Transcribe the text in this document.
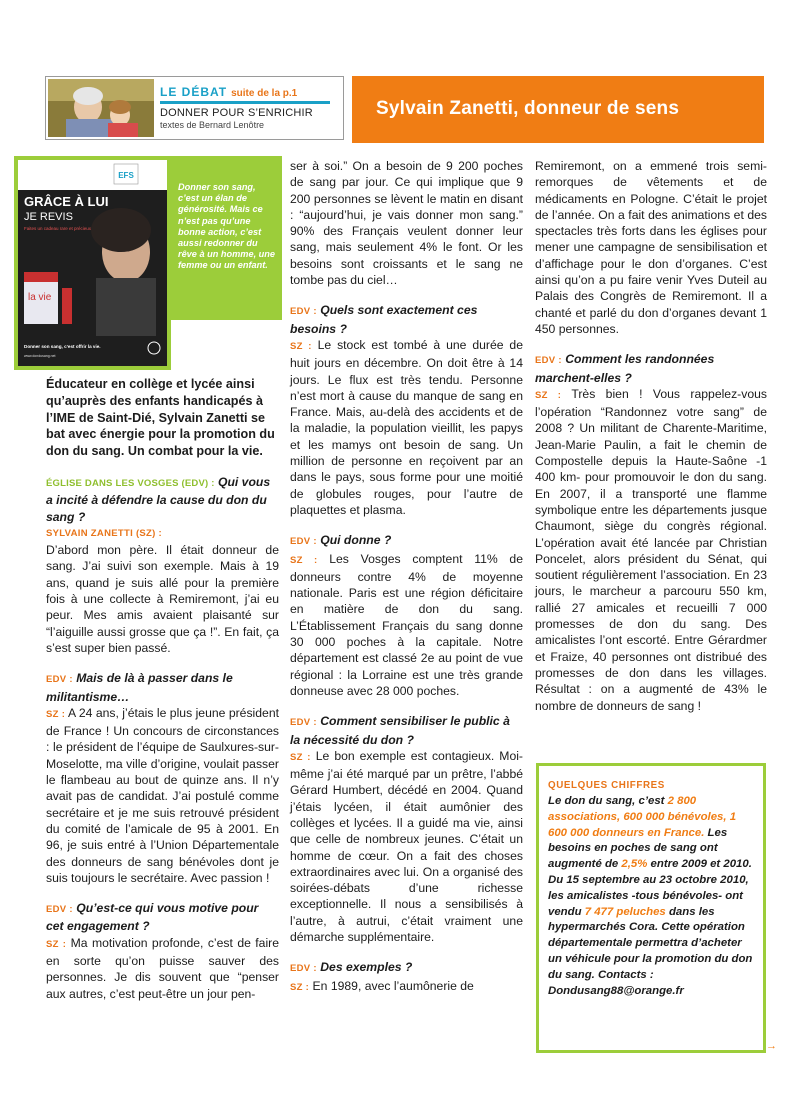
LE DÉBAT suite de la p.1
DONNER POUR S’ENRICHIR
textes de Bernard Lenôtre
Sylvain Zanetti, donneur de sens
EFS
GRÂCE À LUI
JE REVIS
Faites un cadeau rare et précieux
la vie
Donner son sang, c’est offrir la vie.
www.dondusang.net

Donner son sang, c’est un élan de générosité. Mais ce n’est pas qu’une bonne action, c’est aussi redonner du rêve à un homme, une femme ou un enfant.

Éducateur en collège et lycée ainsi qu’auprès des enfants handicapés à l’IME de Saint-Dié, Sylvain Zanetti se bat avec énergie pour la promotion du don du sang. Un combat pour la vie.

ÉGLISE DANS LES VOSGES (EDV) : Qui vous a incité à défendre la cause du don du sang ?

SYLVAIN ZANETTI (SZ) :

D’abord mon père. Il était donneur de sang. J’ai suivi son exemple. Mais à 19 ans, quand je suis allé pour la première fois à une collecte à Remiremont, j’ai eu peur. Mes amis avaient plaisanté sur “l’aiguille aussi grosse que ça !”. En fait, ça s’est super bien passé.

EDV : Mais de là à passer dans le militantisme…

SZ : A 24 ans, j’étais le plus jeune président de France ! Un concours de circonstances : le président de l’équipe de Saulxures-sur-Moselotte, ma ville d’origine, voulait passer le flambeau au bout de quinze ans. Il n’y avait pas de candidat. J’ai postulé comme secrétaire et je me suis retrouvé président du comité de l’amicale de 95 à 2001. En 96, je suis entré à l’Union Départementale des donneurs de sang bénévoles dont je suis toujours le secrétaire. Avec passion !

EDV : Qu’est-ce qui vous motive pour cet engagement ?

SZ : Ma motivation profonde, c’est de faire en sorte qu’on puisse sauver des personnes. Je dis souvent que “penser aux autres, c’est peut-être un jour pen-

ser à soi.” On a besoin de 9 200 poches de sang par jour. Ce qui implique que 9 200 personnes se lèvent le matin en disant : “aujourd’hui, je vais donner mon sang.” 90% des Français veulent donner leur sang, mais seulement 4% le font. Or les besoins sont croissants et le sang ne tombe pas du ciel…

EDV : Quels sont exactement ces besoins ?

SZ : Le stock est tombé à une durée de huit jours en décembre. On doit être à 14 jours. Le flux est très tendu. Personne n’est mort à cause du manque de sang en France. Mais, au-delà des accidents et de la maladie, la population vieillit, les papys et les mamys ont besoin de sang. Un million de personne en reçoivent par an dans le pays, sous forme pour une moitié de globules rouges, pour l’autre de plaquettes et plasma.

EDV : Qui donne ?

SZ : Les Vosges comptent 11% de donneurs contre 4% de moyenne nationale. Paris est une région déficitaire en matière de don du sang. L’Établissement Français du sang donne 30 000 poches à la capitale. Notre département est classé 2e au point de vue régional : la Lorraine est une très grande donneuse avec 28 000 poches.

EDV : Comment sensibiliser le public à la nécessité du don ?

SZ : Le bon exemple est contagieux. Moi-même j’ai été marqué par un prêtre, l’abbé Gérard Humbert, décédé en 2004. Quand j’étais lycéen, il était aumônier des collèges et lycées. Il a guidé ma vie, ainsi que celle de nombreux jeunes. C’était un homme de cœur. On a fait des choses extraordinaires avec lui. On a organisé des soirées-débats d’une richesse exceptionnelle. Il nous a sensibilisés à l’autre, à autrui, c’était vraiment une démarche supplémentaire.

EDV : Des exemples ?

SZ : En 1989, avec l’aumônerie de

Remiremont, on a emmené trois semi-remorques de vêtements et de médicaments en Pologne. C’était le projet de l’année. On a fait des animations et des spectacles très forts dans les églises pour mener une campagne de sensibilisation et d’affichage pour le don d’organes. C’est ainsi qu’on a pu faire venir Yves Duteil au Palais des Congrès de Remiremont. Il a chanté et parlé du don d’organes devant 1 450 personnes.

EDV : Comment les randonnées marchent-elles ?

SZ : Très bien ! Vous rappelez-vous l’opération “Randonnez votre sang” de 2008 ? Un militant de Charente-Maritime, Jean-Marie Paulin, a fait le chemin de Compostelle depuis la Haute-Saône -1 400 km- pour promouvoir le don du sang. En 2007, il a transporté une flamme symbolique entre les départements jusque Chaumont, siège du congrès régional. L’opération avait été lancée par Christian Poncelet, alors président du Sénat, qui soutient régulièrement l’association. En 23 jours, le marcheur a parcouru 550 km, rallié 27 amicales et recueilli 7 000 promesses de don du sang. Des amicalistes l’ont escorté. Entre Gérardmer et Fraize, 40 personnes ont distribué des promesses de don dans les villages. Résultat : on a augmenté de 43% le nombre de donneurs de sang !

QUELQUES CHIFFRES

Le don du sang, c’est 2 800 associations, 600 000 bénévoles, 1 600 000 donneurs en France. Les besoins en poches de sang ont augmenté de 2,5% entre 2009 et 2010. Du 15 septembre au 23 octobre 2010, les amicalistes -tous bénévoles- ont vendu 7 477 peluches dans les hypermarchés Cora. Cette opération départementale permettra d’acheter un véhicule pour la promotion du don du sang. Contacts : Dondusang88@orange.fr

→
